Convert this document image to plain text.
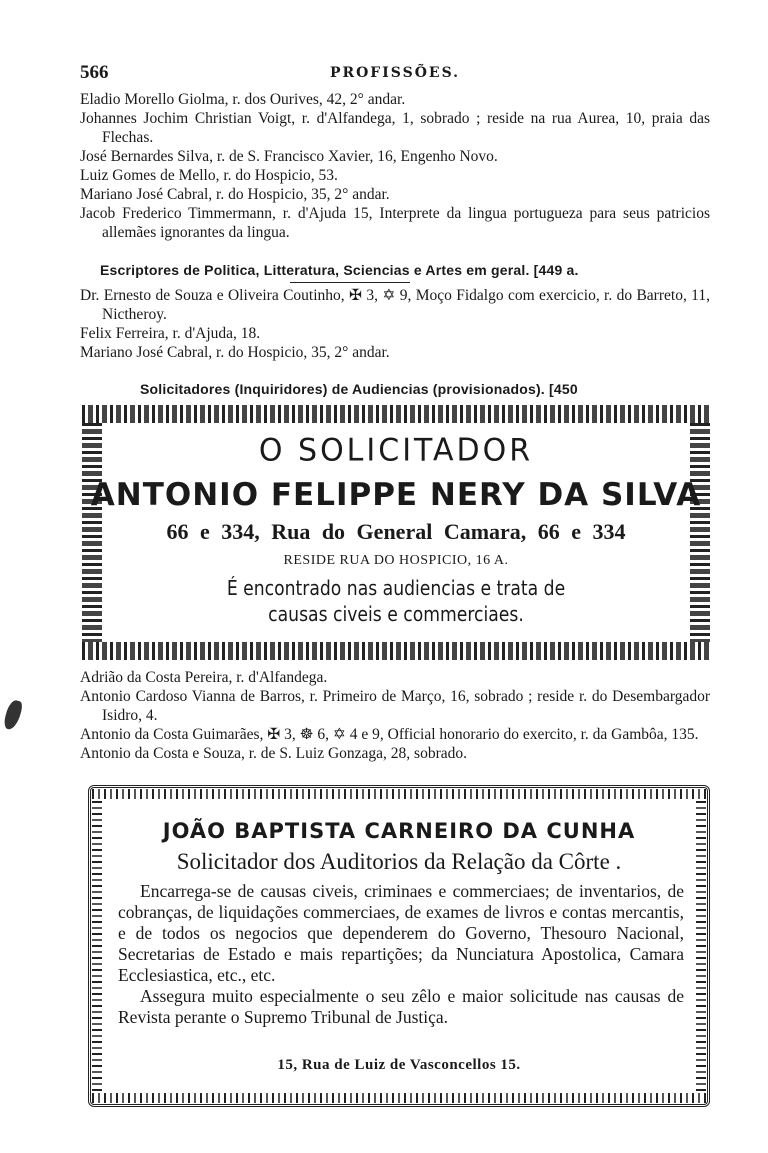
566	PROFISSÕES.

Eladio Morello Giolma, r. dos Ourives, 42, 2° andar.

Johannes Jochim Christian Voigt, r. d'Alfandega, 1, sobrado ; reside na rua Aurea, 10, praia das Flechas.

José Bernardes Silva, r. de S. Francisco Xavier, 16, Engenho Novo.

Luiz Gomes de Mello, r. do Hospicio, 53.

Mariano José Cabral, r. do Hospicio, 35, 2° andar.

Jacob Frederico Timmermann, r. d'Ajuda 15, Interprete da lingua portugueza para seus patricios allemães ignorantes da lingua.

Escriptores de Politica, Litteratura, Sciencias e Artes em geral. [449 a.

Dr. Ernesto de Souza e Oliveira Coutinho, ✠ 3, ✡ 9, Moço Fidalgo com exercicio, r. do Barreto, 11, Nictheroy.

Felix Ferreira, r. d'Ajuda, 18.

Mariano José Cabral, r. do Hospicio, 35, 2° andar.

Solicitadores (Inquiridores) de Audiencias (provisionados). [450
O SOLICITADOR
ANTONIO FELIPPE NERY DA SILVA
66 e 334, Rua do General Camara, 66 e 334
RESIDE RUA DO HOSPICIO, 16 A.
É encontrado nas audiencias e trata de causas civeis e commerciaes.

Adrião da Costa Pereira, r. d'Alfandega.

Antonio Cardoso Vianna de Barros, r. Primeiro de Março, 16, sobrado ; reside r. do Desembargador Isidro, 4.

Antonio da Costa Guimarães, ✠ 3, ☸ 6, ✡ 4 e 9, Official honorario do exercito, r. da Gambôa, 135.

Antonio da Costa e Souza, r. de S. Luiz Gonzaga, 28, sobrado.

JOÃO BAPTISTA CARNEIRO DA CUNHA
Solicitador dos Auditorios da Relação da Côrte .

Encarrega-se de causas civeis, criminaes e commerciaes; de inventarios, de cobranças, de liquidações commerciaes, de exames de livros e contas mercantis, e de todos os negocios que dependerem do Governo, Thesouro Nacional, Secretarias de Estado e mais repartições; da Nunciatura Apostolica, Camara Ecclesiastica, etc., etc.

Assegura muito especialmente o seu zêlo e maior solicitude nas causas de Revista perante o Supremo Tribunal de Justiça.

15, Rua de Luiz de Vasconcellos 15.
